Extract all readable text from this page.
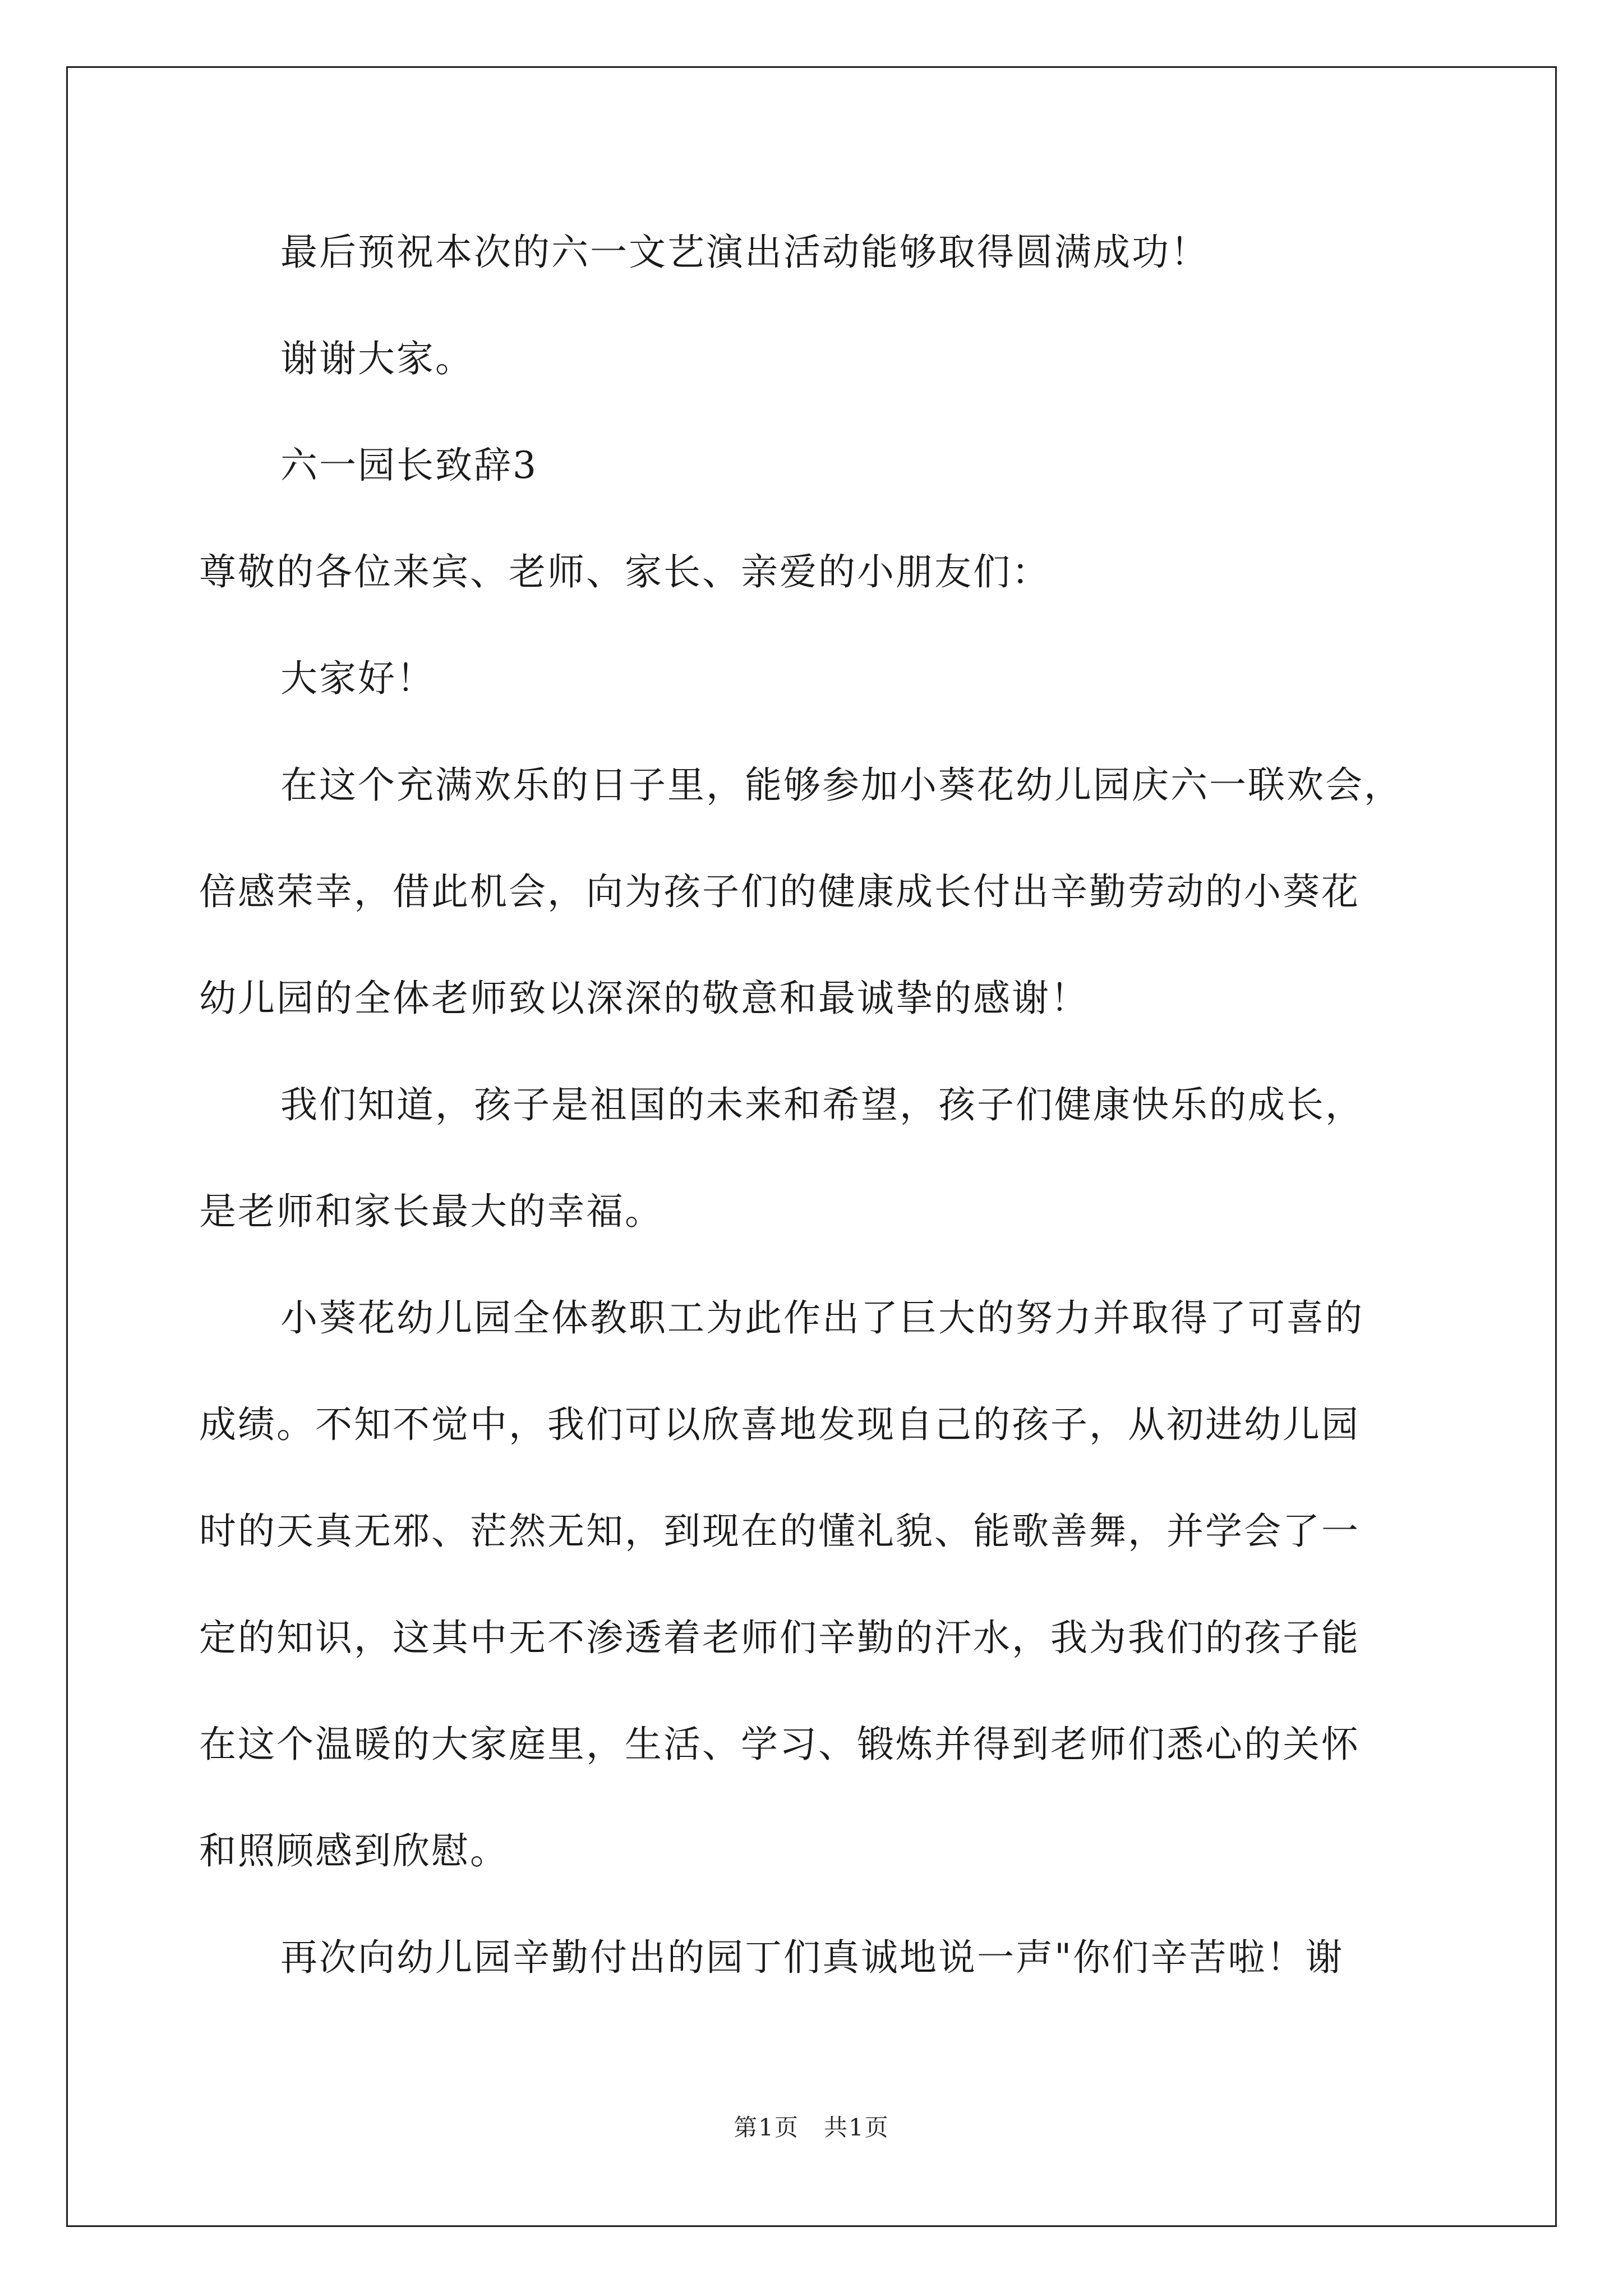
最后预祝本次的六一文艺演出活动能够取得圆满成功！
谢谢大家。
六一园长致辞3
尊敬的各位来宾、老师、家长、亲爱的小朋友们：
大家好！
在这个充满欢乐的日子里，能够参加小葵花幼儿园庆六一联欢会，
倍感荣幸，借此机会，向为孩子们的健康成长付出辛勤劳动的小葵花
幼儿园的全体老师致以深深的敬意和最诚挚的感谢！
我们知道，孩子是祖国的未来和希望，孩子们健康快乐的成长，
是老师和家长最大的幸福。
小葵花幼儿园全体教职工为此作出了巨大的努力并取得了可喜的
成绩。不知不觉中，我们可以欣喜地发现自己的孩子，从初进幼儿园
时的天真无邪、茫然无知，到现在的懂礼貌、能歌善舞，并学会了一
定的知识，这其中无不渗透着老师们辛勤的汗水，我为我们的孩子能
在这个温暖的大家庭里，生活、学习、锻炼并得到老师们悉心的关怀
和照顾感到欣慰。
再次向幼儿园辛勤付出的园丁们真诚地说一声"你们辛苦啦！谢
第1页　共1页
